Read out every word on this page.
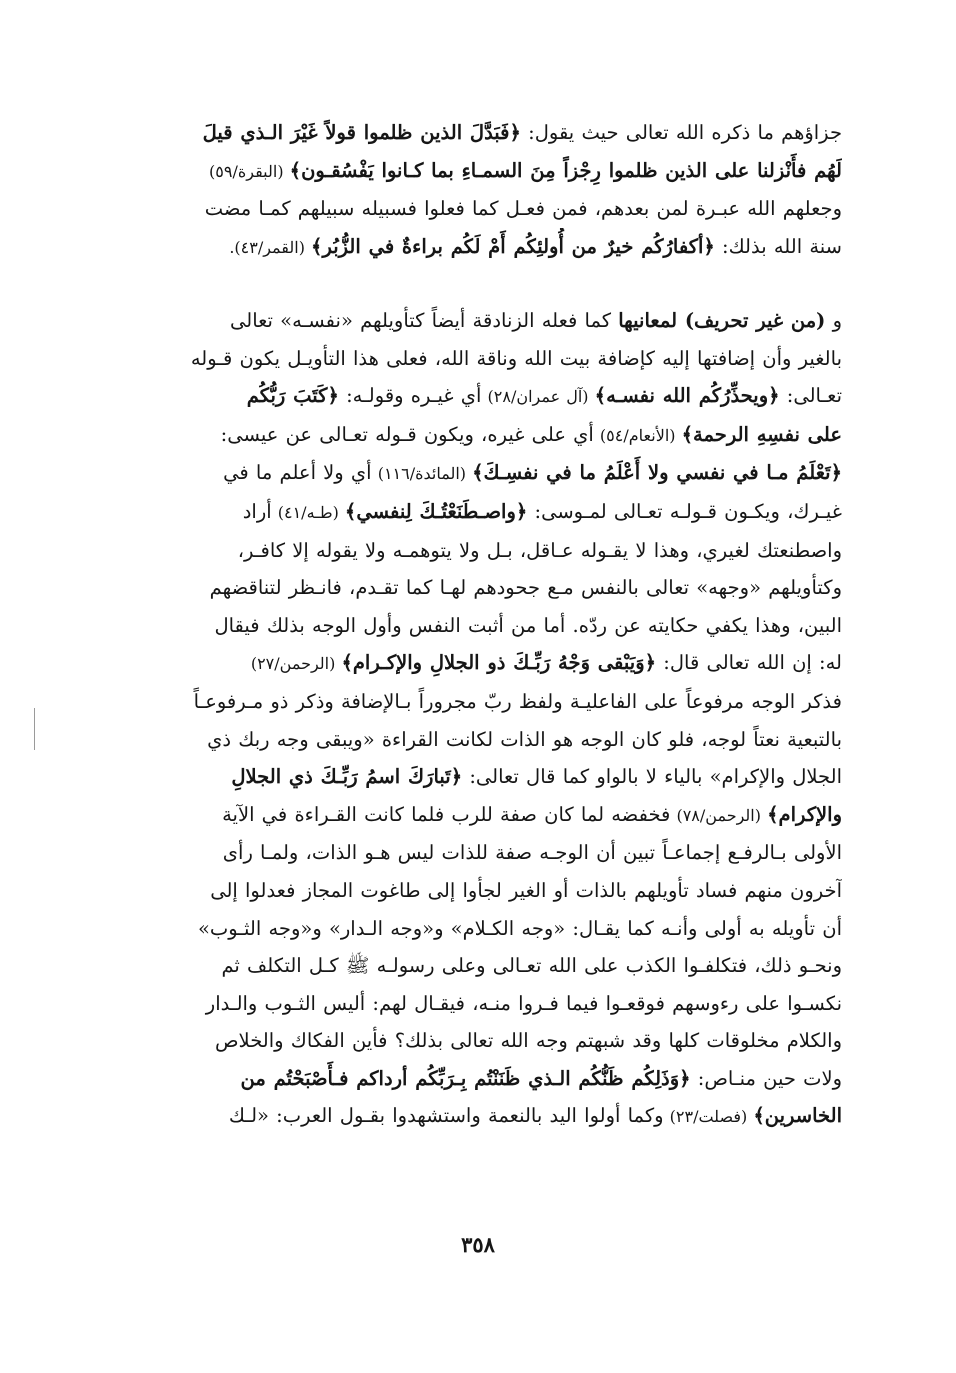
جزاؤهم ما ذكره الله تعالى حيث يقول: ﴿فَبَدَّلَ الذين ظلموا قولاً غَيْرَ الـذي قيلَ
لَهُم فأَنْزلنا على الذين ظلموا رِجْزاً مِنَ السمـاءِ بما كـانوا يَفْسُقـون﴾ (البقرة/٥٩)
وجعلهم الله عبـرة لمن بعدهم، فمن فعـل كما فعلوا فسبيله سبيلهم كمـا مضت
سنة الله بذلك: ﴿أكفارُكُم خيرٌ من أُولئِكُم أَمْ لَكُم براءةٌ في الزُّبُر﴾ (القمر/٤٣).
و (من غير تحريف) لمعانيها كما فعله الزنادقة أيضاً كتأويلهم «نفسـه» تعالى
بالغير وأن إضافتها إليه كإضافة بيت الله وناقة الله، فعلى هذا التأويـل يكون قـوله
تعـالى: ﴿ويحذِّرُكُم الله نفسـه﴾ (آل عمران/٢٨) أي غيـره وقولـه: ﴿كَتَبَ رَبُّكُم
على نفسِهِ الرحمة﴾ (الأنعام/٥٤) أي على غيره، ويكون قـوله تعـالى عن عيسى:
﴿تَعْلَمُ مـا في نفسي ولا أَعْلَمُ ما في نفسِـكَ﴾ (المائدة/١١٦) أي ولا أعلم ما في
غيـرك، ويكـون قـولـه تعـالى لمـوسى: ﴿واصـطَنَعْتُـكَ لِنفسي﴾ (طـه/٤١) أراد
واصطنعتك لغيري، وهذا لا يقـوله عـاقل، بـل ولا يتوهمـه ولا يقوله إلا كافـر،
وكتأويلهم «وجهه» تعالى بالنفس مـع جحودهم لهـا كما تقـدم، فانـظر لتناقضهم
البين، وهذا يكفي حكايته عن ردّه. أما من أثبت النفس وأول الوجه بذلك فيقال
له: إن الله تعالى قال: ﴿وَيَبْقى وَجْهُ رَبِّـكَ ذو الجلالِ والإكـرام﴾ (الرحمن/٢٧)
فذكر الوجه مرفوعاً على الفاعليـة ولفظ ربّ مجروراً بـالإضافة وذكر ذو مـرفوعـاً
بالتبعية نعتاً لوجه، فلو كان الوجه هو الذات لكانت القراءة «ويبقى وجه ربك ذي
الجلال والإكرام» بالياء لا بالواو كما قال تعالى: ﴿تَبارَكَ اسمُ رَبِّـكَ ذي الجلالِ
والإكرام﴾ (الرحمن/٧٨) فخفضه لما كان صفة للرب فلما كانت القـراءة في الآية
الأولى بـالرفـع إجماعـاً تبين أن الوجـه صفة للذات ليس هـو الذات، ولمـا رأى
آخرون منهم فساد تأويلهم بالذات أو الغير لجأوا إلى طاغوت المجاز فعدلوا إلى
أن تأويله به أولى وأنـه كما يقـال: «وجه الكـلام» و«وجه الـدار» و«وجه الثـوب»
ونحـو ذلك، فتكلفـوا الكذب على الله تعـالى وعلى رسولـه ﷺ كـل التكلف ثم
نكسـوا على رءوسهم فوقعـوا فيما فـروا منـه، فيقـال لهم: أليس الثـوب والـدار
والكلام مخلوقات كلها وقد شبهتم وجه الله تعالى بذلك؟ فأين الفكاك والخلاص
ولات حين منـاص: ﴿وَذَلِكُم ظَنُّكُم الـذي ظَنَنْتُم بِـرَبِّكُم أرداكم فـأَصْبَحْتُم من
الخاسرين﴾ (فصلت/٢٣) وكما أولوا اليد بالنعمة واستشهدوا بقـول العرب: «لـك
٣٥٨
